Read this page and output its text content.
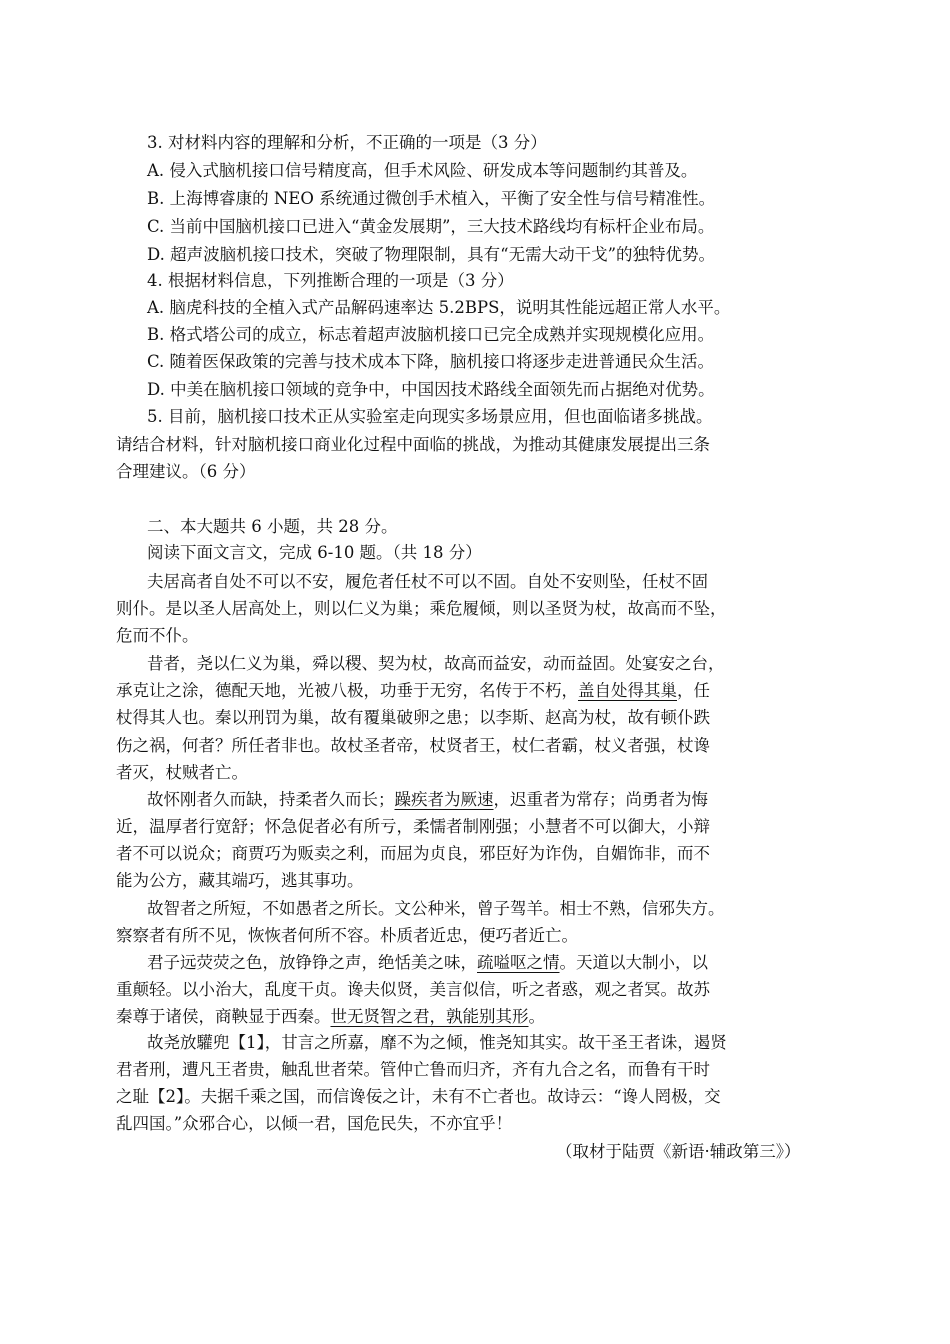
3. 对材料内容的理解和分析，不正确的一项是（3 分）
A. 侵入式脑机接口信号精度高，但手术风险、研发成本等问题制约其普及。
B. 上海博睿康的 NEO 系统通过微创手术植入，平衡了安全性与信号精准性。
C. 当前中国脑机接口已进入“黄金发展期”，三大技术路线均有标杆企业布局。
D. 超声波脑机接口技术，突破了物理限制，具有“无需大动干戈”的独特优势。
4. 根据材料信息，下列推断合理的一项是（3 分）
A. 脑虎科技的全植入式产品解码速率达 5.2BPS，说明其性能远超正常人水平。
B. 格式塔公司的成立，标志着超声波脑机接口已完全成熟并实现规模化应用。
C. 随着医保政策的完善与技术成本下降，脑机接口将逐步走进普通民众生活。
D. 中美在脑机接口领域的竞争中，中国因技术路线全面领先而占据绝对优势。
5. 目前，脑机接口技术正从实验室走向现实多场景应用，但也面临诸多挑战。
请结合材料，针对脑机接口商业化过程中面临的挑战，为推动其健康发展提出三条
合理建议。（6 分）
二、本大题共 6 小题，共 28 分。
阅读下面文言文，完成 6-10 题。（共 18 分）
夫居高者自处不可以不安，履危者任杖不可以不固。自处不安则坠，任杖不固
则仆。是以圣人居高处上，则以仁义为巢；乘危履倾，则以圣贤为杖，故高而不坠，
危而不仆。
昔者，尧以仁义为巢，舜以稷、契为杖，故高而益安，动而益固。处宴安之台，
承克让之涂，德配天地，光被八极，功垂于无穷，名传于不朽，盖自处得其巢，任
杖得其人也。秦以刑罚为巢，故有覆巢破卵之患；以李斯、赵高为杖，故有顿仆跌
伤之祸，何者？所任者非也。故杖圣者帝，杖贤者王，杖仁者霸，杖义者强，杖谗
者灭，杖贼者亡。
故怀刚者久而缺，持柔者久而长；躁疾者为厥速，迟重者为常存；尚勇者为悔
近，温厚者行宽舒；怀急促者必有所亏，柔懦者制刚强；小慧者不可以御大，小辩
者不可以说众；商贾巧为贩卖之利，而屈为贞良，邪臣好为诈伪，自媚饰非，而不
能为公方，藏其端巧，逃其事功。
故智者之所短，不如愚者之所长。文公种米，曾子驾羊。相士不熟，信邪失方。
察察者有所不见，恢恢者何所不容。朴质者近忠，便巧者近亡。
君子远荧荧之色，放铮铮之声，绝恬美之味，疏嗌呕之情。天道以大制小，以
重颠轻。以小治大，乱度干贞。谗夫似贤，美言似信，听之者惑，观之者冥。故苏
秦尊于诸侯，商鞅显于西秦。世无贤智之君，孰能别其形。
故尧放驩兜【1】，甘言之所嘉，靡不为之倾，惟尧知其实。故干圣王者诛，遏贤
君者刑，遭凡王者贵，触乱世者荣。管仲亡鲁而归齐，齐有九合之名，而鲁有干时
之耻【2】。夫据千乘之国，而信谗佞之计，未有不亡者也。故诗云：“谗人罔极，交
乱四国。”众邪合心，以倾一君，国危民失，不亦宜乎！
（取材于陆贾《新语·辅政第三》）
